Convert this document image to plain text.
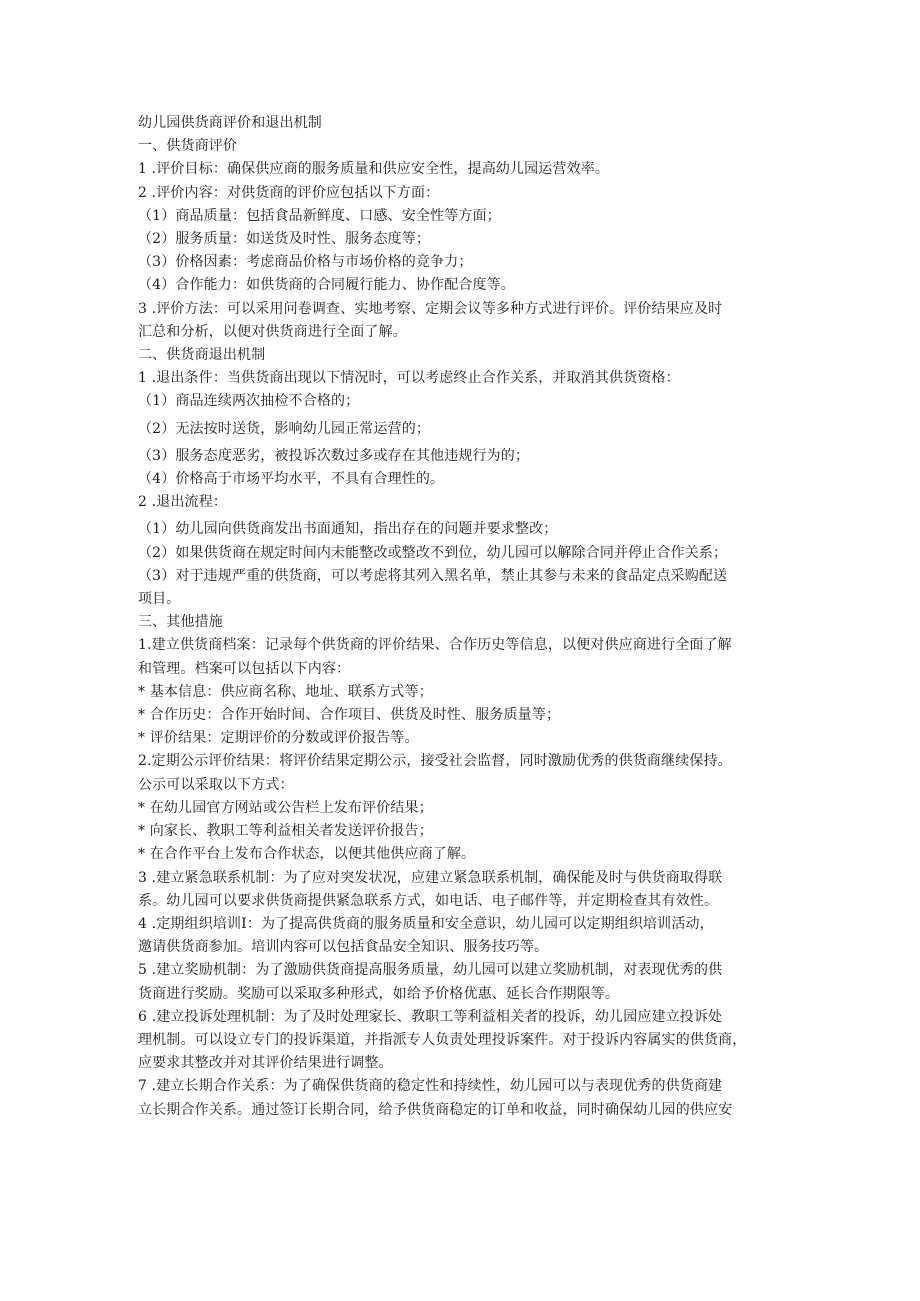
幼儿园供货商评价和退出机制
一、供货商评价
1 .评价目标：确保供应商的服务质量和供应安全性，提高幼儿园运营效率。
2 .评价内容：对供货商的评价应包括以下方面：
（1）商品质量：包括食品新鲜度、口感、安全性等方面；
（2）服务质量：如送货及时性、服务态度等；
（3）价格因素：考虑商品价格与市场价格的竞争力；
（4）合作能力：如供货商的合同履行能力、协作配合度等。
3 .评价方法：可以采用问卷调查、实地考察、定期会议等多种方式进行评价。评价结果应及时
汇总和分析，以便对供货商进行全面了解。
二、供货商退出机制
1 .退出条件：当供货商出现以下情况时，可以考虑终止合作关系，并取消其供货资格：
（1）商品连续两次抽检不合格的；
（2）无法按时送货，影响幼儿园正常运营的；
（3）服务态度恶劣，被投诉次数过多或存在其他违规行为的；
（4）价格高于市场平均水平，不具有合理性的。
2 .退出流程：
（1）幼儿园向供货商发出书面通知，指出存在的问题并要求整改；
（2）如果供货商在规定时间内未能整改或整改不到位，幼儿园可以解除合同并停止合作关系；
（3）对于违规严重的供货商，可以考虑将其列入黑名单，禁止其参与未来的食品定点采购配送
项目。
三、其他措施
1.建立供货商档案：记录每个供货商的评价结果、合作历史等信息，以便对供应商进行全面了解
和管理。档案可以包括以下内容：
* 基本信息：供应商名称、地址、联系方式等；
* 合作历史：合作开始时间、合作项目、供货及时性、服务质量等；
* 评价结果：定期评价的分数或评价报告等。
2.定期公示评价结果：将评价结果定期公示，接受社会监督，同时激励优秀的供货商继续保持。
公示可以采取以下方式：
* 在幼儿园官方网站或公告栏上发布评价结果；
* 向家长、教职工等利益相关者发送评价报告；
* 在合作平台上发布合作状态，以便其他供应商了解。
3 .建立紧急联系机制：为了应对突发状况，应建立紧急联系机制，确保能及时与供货商取得联
系。幼儿园可以要求供货商提供紧急联系方式，如电话、电子邮件等，并定期检查其有效性。
4 .定期组织培训I：为了提高供货商的服务质量和安全意识，幼儿园可以定期组织培训活动，
邀请供货商参加。培训内容可以包括食品安全知识、服务技巧等。
5 .建立奖励机制：为了激励供货商提高服务质量，幼儿园可以建立奖励机制，对表现优秀的供
货商进行奖励。奖励可以采取多种形式，如给予价格优惠、延长合作期限等。
6 .建立投诉处理机制：为了及时处理家长、教职工等利益相关者的投诉，幼儿园应建立投诉处
理机制。可以设立专门的投诉渠道，并指派专人负责处理投诉案件。对于投诉内容属实的供货商，
应要求其整改并对其评价结果进行调整。
7 .建立长期合作关系：为了确保供货商的稳定性和持续性，幼儿园可以与表现优秀的供货商建
立长期合作关系。通过签订长期合同，给予供货商稳定的订单和收益，同时确保幼儿园的供应安
